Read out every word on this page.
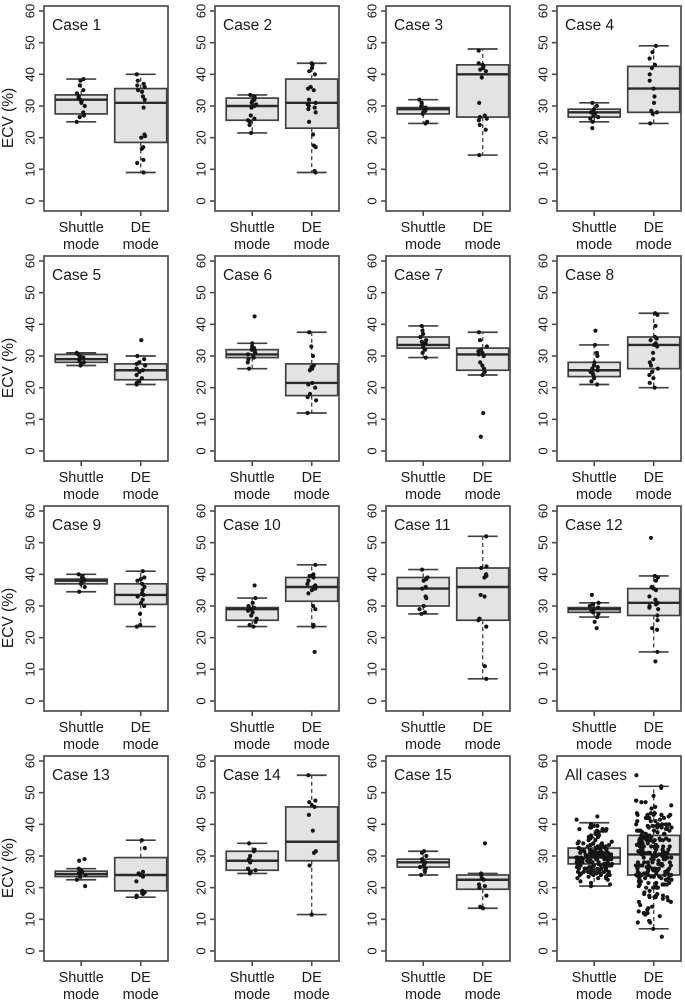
0
10
20
30
40
50
60
ECV (%)
Shuttle
mode
DE
mode
Case 1
0
10
20
30
40
50
60
Shuttle
mode
DE
mode
Case 2
0
10
20
30
40
50
60
Shuttle
mode
DE
mode
Case 3
0
10
20
30
40
50
60
Shuttle
mode
DE
mode
Case 4
0
10
20
30
40
50
60
ECV (%)
Shuttle
mode
DE
mode
Case 5
0
10
20
30
40
50
60
Shuttle
mode
DE
mode
Case 6
0
10
20
30
40
50
60
Shuttle
mode
DE
mode
Case 7
0
10
20
30
40
50
60
Shuttle
mode
DE
mode
Case 8
0
10
20
30
40
50
60
ECV (%)
Shuttle
mode
DE
mode
Case 9
0
10
20
30
40
50
60
Shuttle
mode
DE
mode
Case 10
0
10
20
30
40
50
60
Shuttle
mode
DE
mode
Case 11
0
10
20
30
40
50
60
Shuttle
mode
DE
mode
Case 12
0
10
20
30
40
50
60
ECV (%)
Shuttle
mode
DE
mode
Case 13
0
10
20
30
40
50
60
Shuttle
mode
DE
mode
Case 14
0
10
20
30
40
50
60
Shuttle
mode
DE
mode
Case 15
0
10
20
30
40
50
60
Shuttle
mode
DE
mode
All cases
